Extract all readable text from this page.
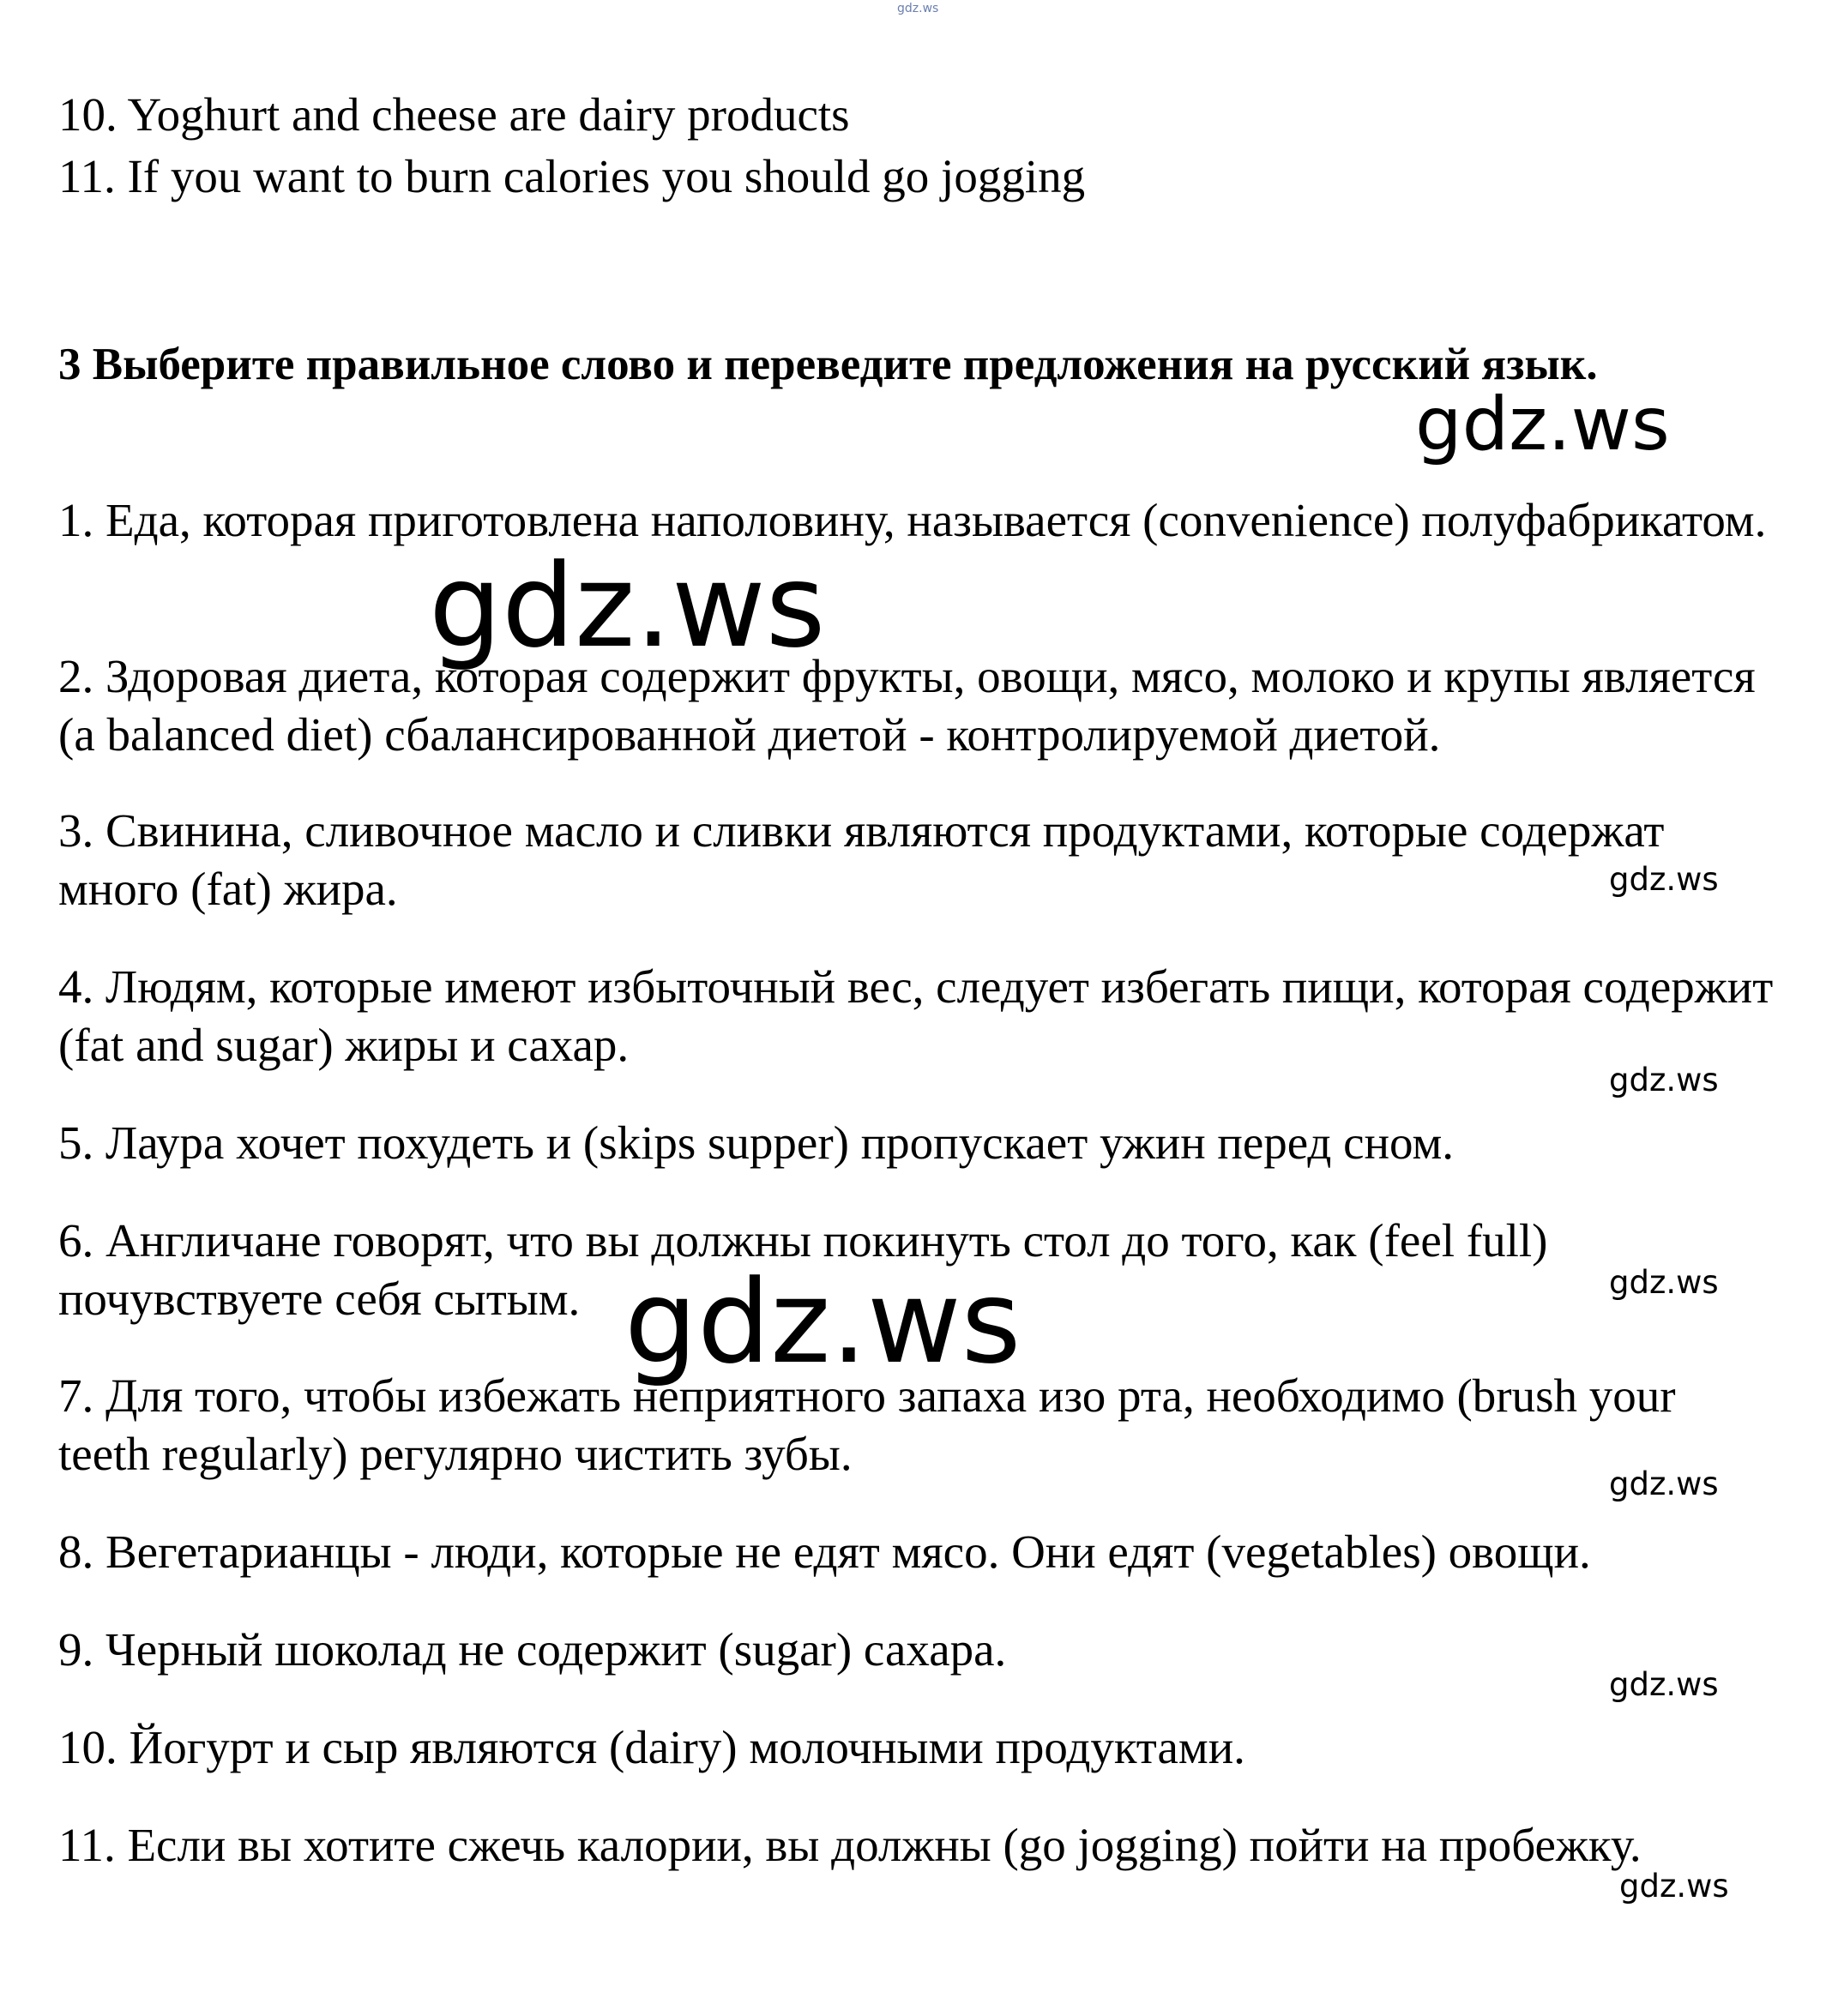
gdz.ws
10. Yoghurt and cheese are dairy products
11. If you want to burn calories you should go jogging
3 Выберите правильное слово и переведите предложения на русский язык.
1. Еда, которая приготовлена наполовину, называется (convenience) полуфабрикатом.
2. Здоровая диета, которая содержит фрукты, овощи, мясо, молоко и крупы является (a balanced diet) сбалансированной диетой - контролируемой диетой.
3. Свинина, сливочное масло и сливки являются продуктами, которые содержат много (fat) жира.
4. Людям, которые имеют избыточный вес, следует избегать пищи, которая содержит (fat and sugar) жиры и сахар.
5. Лаура хочет похудеть и (skips supper) пропускает ужин перед сном.
6. Англичане говорят, что вы должны покинуть стол до того, как (feel full) почувствуете себя сытым.
7. Для того, чтобы избежать неприятного запаха изо рта, необходимо (brush your teeth regularly) регулярно чистить зубы.
8. Вегетарианцы - люди, которые не едят мясо. Они едят (vegetables) овощи.
9. Черный шоколад не содержит (sugar) сахара.
10. Йогурт и сыр являются (dairy) молочными продуктами.
11. Если вы хотите сжечь калории, вы должны (go jogging) пойти на пробежку.
gdz.ws
gdz.ws
gdz.ws
gdz.ws
gdz.ws
gdz.ws
gdz.ws
gdz.ws
gdz.ws
